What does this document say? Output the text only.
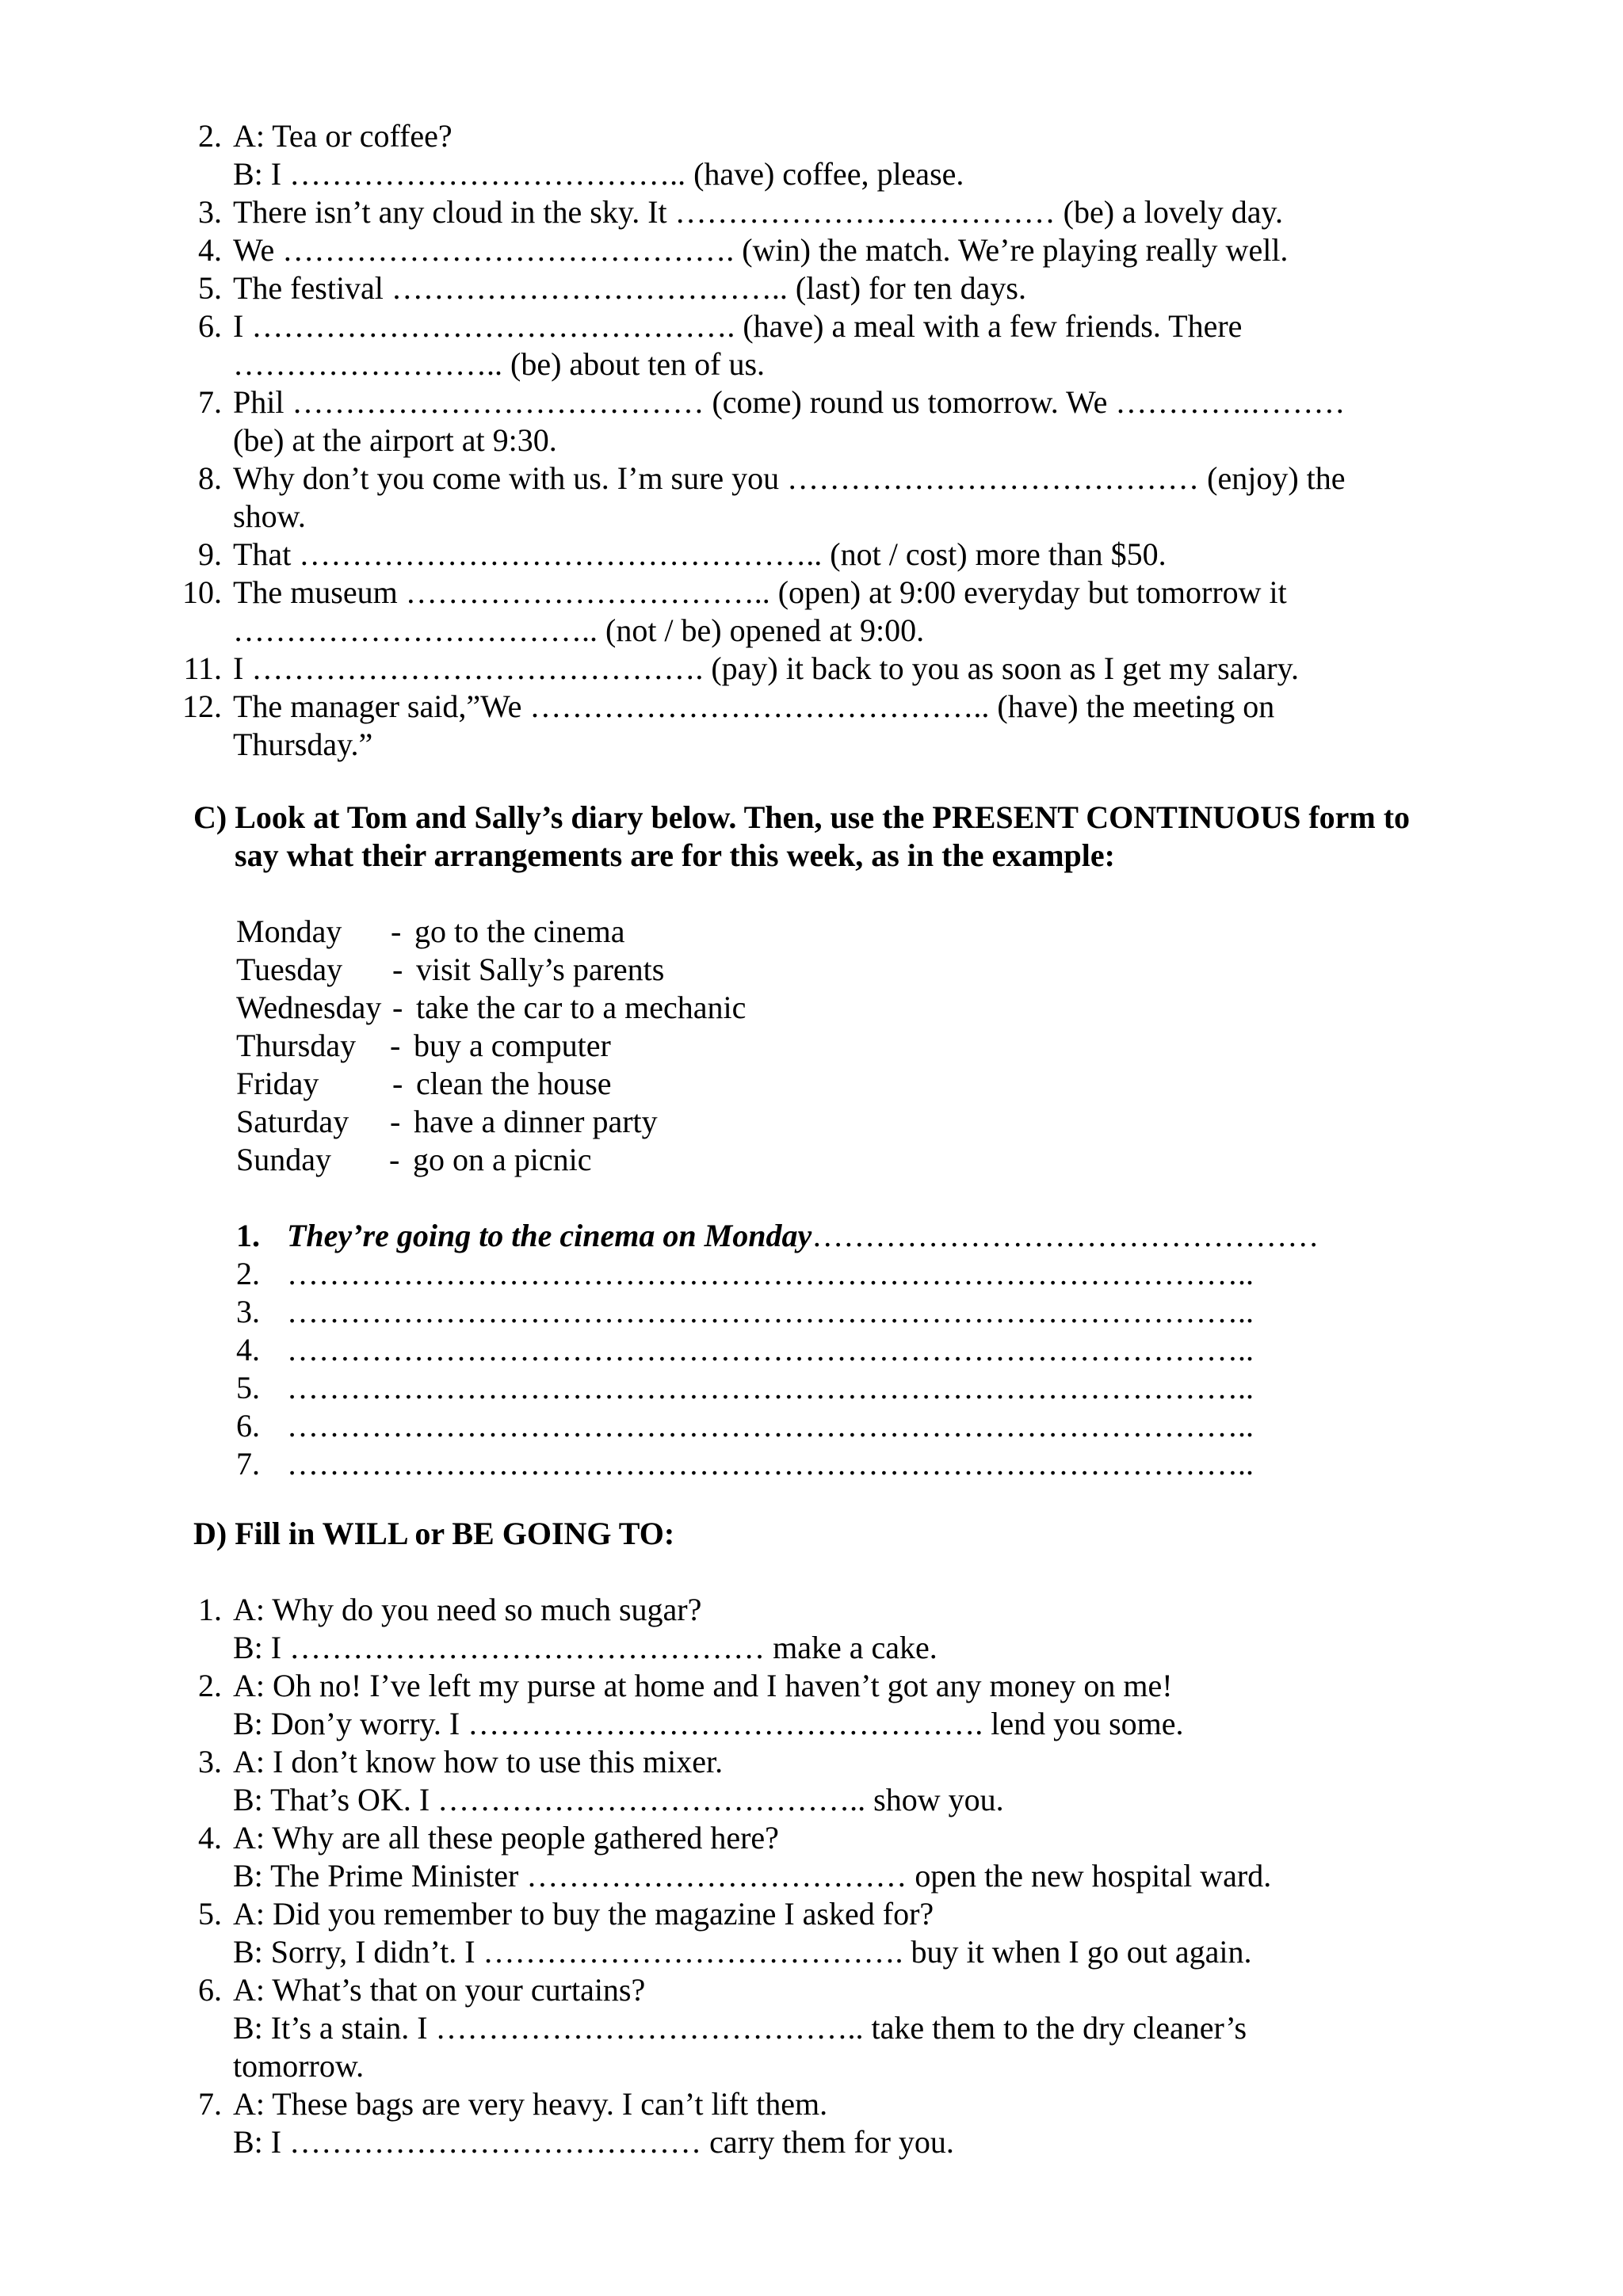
2. A: Tea or coffee?
B: I ……………………………….. (have) coffee, please.
3. There isn’t any cloud in the sky. It ……………………………… (be) a lovely day.
4. We ……………………………………. (win) the match. We’re playing really well.
5. The festival ……………………………….. (last) for ten days.
6. I ………………………………………. (have) a meal with a few friends. There
…………………….. (be) about ten of us.
7. Phil ………………………………… (come) round us tomorrow. We ………….………
(be) at the airport at 9:30.
8. Why don’t you come with us. I’m sure you ………………………………… (enjoy) the
show.
9. That ………………………………………….. (not / cost) more than $50.
10. The museum …………………………….. (open) at 9:00 everyday but tomorrow it
…………………………….. (not / be) opened at 9:00.
11. I ……………………………………. (pay) it back to you as soon as I get my salary.
12. The manager said,”We …………………………………….. (have) the meeting on
Thursday.”
C) Look at Tom and Sally’s diary below. Then, use the PRESENT CONTINUOUS form to
say what their arrangements are for this week, as in the example:
Monday - go to the cinema
Tuesday - visit Sally’s parents
Wednesday - take the car to a mechanic
Thursday - buy a computer
Friday - clean the house
Saturday - have a dinner party
Sunday - go on a picnic
1. They’re going to the cinema on Monday…………………………………………
2. ………………………………………………………………………………..
3. ………………………………………………………………………………..
4. ………………………………………………………………………………..
5. ………………………………………………………………………………..
6. ………………………………………………………………………………..
7. ………………………………………………………………………………..
D) Fill in WILL or BE GOING TO:
1. A: Why do you need so much sugar?
B: I ……………………………………… make a cake.
2. A: Oh no! I’ve left my purse at home and I haven’t got any money on me!
B: Don’y worry. I …………………………………………. lend you some.
3. A: I don’t know how to use this mixer.
B: That’s OK. I ………………………………….. show you.
4. A: Why are all these people gathered here?
B: The Prime Minister ……………………………… open the new hospital ward.
5. A: Did you remember to buy the magazine I asked for?
B: Sorry, I didn’t. I …………………………………. buy it when I go out again.
6. A: What’s that on your curtains?
B: It’s a stain. I ………………………………….. take them to the dry cleaner’s
tomorrow.
7. A: These bags are very heavy. I can’t lift them.
B: I ………………………………… carry them for you.
